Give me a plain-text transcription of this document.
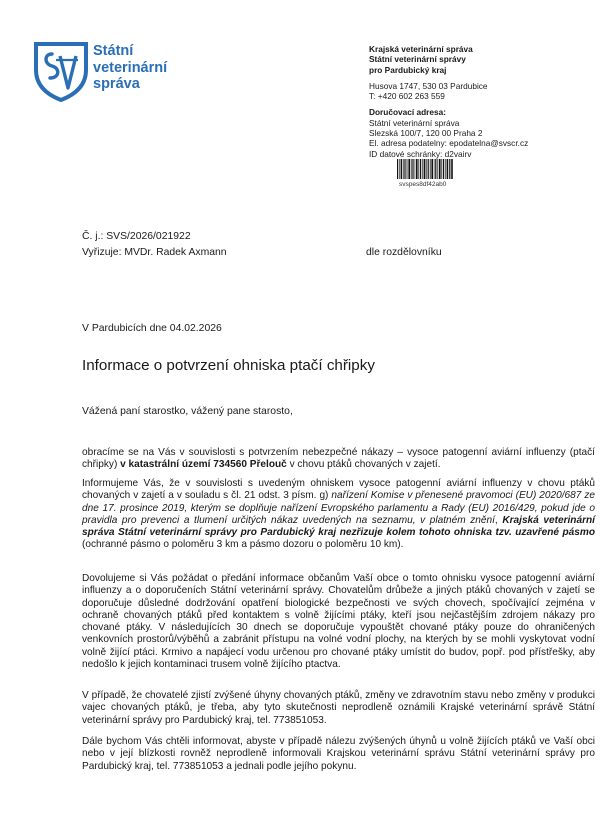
Státní
veterinární
správa
Krajská veterinární správa
Státní veterinární správy
pro Pardubický kraj
Husova 1747, 530 03 Pardubice
T: +420 602 263 559
Doručovací adresa:
Státní veterinární správa
Slezská 100/7, 120 00 Praha 2
El. adresa podatelny: epodatelna@svscr.cz
ID datové schránky: d2vairv
svspes8df42ab0
Č. j.: SVS/2026/021922
Vyřizuje: MVDr. Radek Axmann	dle rozdělovníku
V Pardubicích dne 04.02.2026
Informace o potvrzení ohniska ptačí chřipky
Vážená paní starostko, vážený pane starosto,
obracíme se na Vás v souvislosti s potvrzením nebezpečné nákazy – vysoce patogenní aviární influenzy (ptačí chřipky) v katastrální území 734560 Přelouč v chovu ptáků chovaných v zajetí.
Informujeme Vás, že v souvislosti s uvedeným ohniskem vysoce patogenní aviární influenzy v chovu ptáků chovaných v zajetí a v souladu s čl. 21 odst. 3 písm. g) nařízení Komise v přenesené pravomoci (EU) 2020/687 ze dne 17. prosince 2019, kterým se doplňuje nařízení Evropského parlamentu a Rady (EU) 2016/429, pokud jde o pravidla pro prevenci a tlumení určitých nákaz uvedených na seznamu, v platném znění, Krajská veterinární správa Státní veterinární správy pro Pardubický kraj nezřizuje kolem tohoto ohniska tzv. uzavřené pásmo (ochranné pásmo o poloměru 3 km a pásmo dozoru o poloměru 10 km).
Dovolujeme si Vás požádat o předání informace občanům Vaší obce o tomto ohnisku vysoce patogenní aviární influenzy a o doporučeních Státní veterinární správy. Chovatelům drůbeže a jiných ptáků chovaných v zajetí se doporučuje důsledné dodržování opatření biologické bezpečnosti ve svých chovech, spočívající zejména v ochraně chovaných ptáků před kontaktem s volně žijícími ptáky, kteří jsou nejčastějším zdrojem nákazy pro chované ptáky. V následujících 30 dnech se doporučuje vypouštět chované ptáky pouze do ohraničených venkovních prostorů/výběhů a zabránit přístupu na volné vodní plochy, na kterých by se mohli vyskytovat vodní volně žijící ptáci. Krmivo a napájecí vodu určenou pro chované ptáky umístit do budov, popř. pod přístřešky, aby nedošlo k jejich kontaminaci trusem volně žijícího ptactva.
V případě, že chovatelé zjistí zvýšené úhyny chovaných ptáků, změny ve zdravotním stavu nebo změny v produkci vajec chovaných ptáků, je třeba, aby tyto skutečnosti neprodleně oznámili Krajské veterinární správě Státní veterinární správy pro Pardubický kraj, tel. 773851053.
Dále bychom Vás chtěli informovat, abyste v případě nálezu zvýšených úhynů u volně žijících ptáků ve Vaší obci nebo v její blízkosti rovněž neprodleně informovali Krajskou veterinární správu Státní veterinární správy pro Pardubický kraj, tel. 773851053 a jednali podle jejího pokynu.
